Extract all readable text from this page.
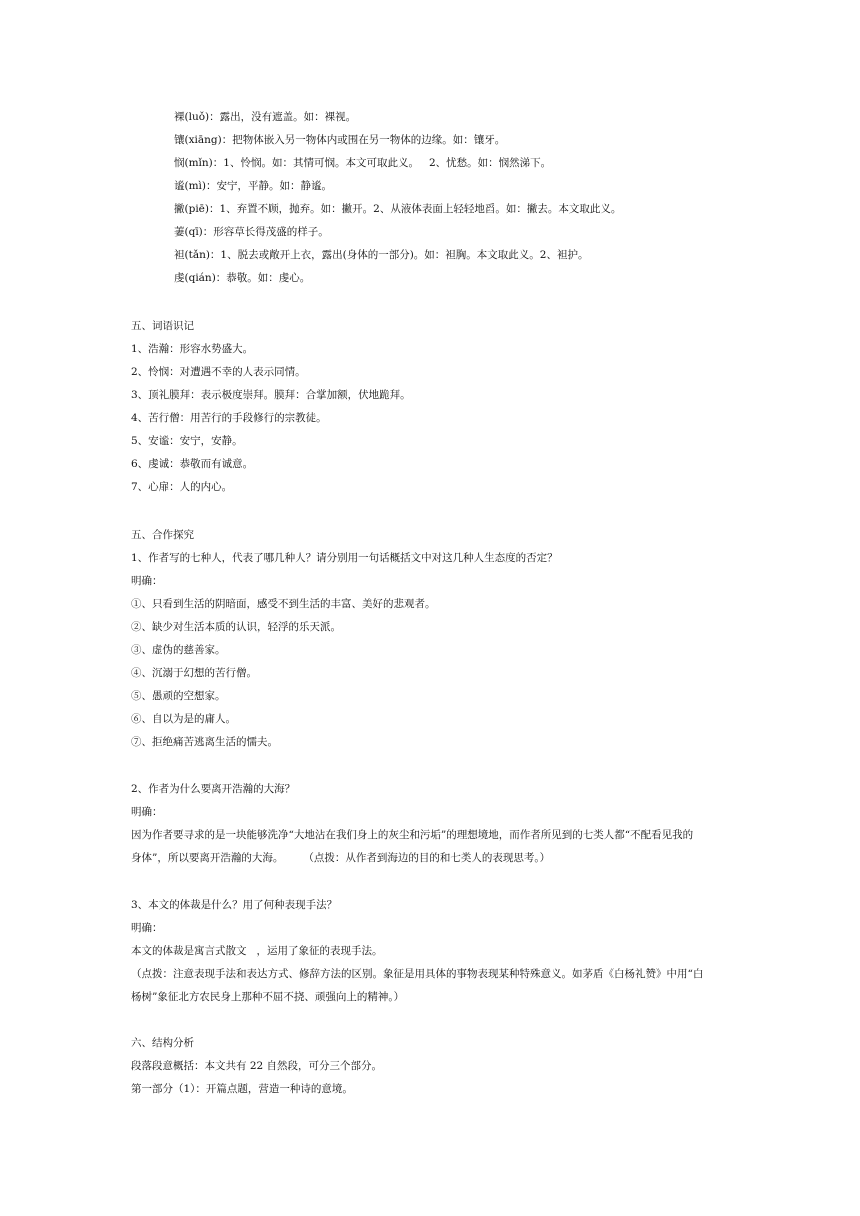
裸(luǒ)：露出，没有遮盖。如：裸视。
镶(xiāng)：把物体嵌入另一物体内或围在另一物体的边缘。如：镶牙。
悯(mǐn)：1、怜悯。如：其情可悯。本文可取此义。   2、忧愁。如：悯然涕下。
谧(mì)：安宁，平静。如：静谧。
撇(piē)：1、弃置不顾，抛弃。如：撇开。2、从液体表面上轻轻地舀。如：撇去。本文取此义。
萋(qī)：形容草长得茂盛的样子。
袒(tǎn)：1、脱去或敞开上衣，露出(身体的一部分)。如：袒胸。本文取此义。2、袒护。
虔(qián)：恭敬。如：虔心。
五、词语识记
1、浩瀚：形容水势盛大。
2、怜悯：对遭遇不幸的人表示同情。
3、顶礼膜拜：表示极度崇拜。膜拜：合掌加额，伏地跪拜。
4、苦行僧：用苦行的手段修行的宗教徒。
5、安谧：安宁，安静。
6、虔诚：恭敬而有诚意。
7、心扉：人的内心。
五、合作探究
1、作者写的七种人，代表了哪几种人？请分别用一句话概括文中对这几种人生态度的否定？
明确：
①、只看到生活的阴暗面，感受不到生活的丰富、美好的悲观者。
②、缺少对生活本质的认识，轻浮的乐天派。
③、虚伪的慈善家。
④、沉溺于幻想的苦行僧。
⑤、愚顽的空想家。
⑥、自以为是的庸人。
⑦、拒绝痛苦逃离生活的懦夫。
2、作者为什么要离开浩瀚的大海？
明确：
因为作者要寻求的是一块能够洗净“大地沾在我们身上的灰尘和污垢”的理想境地，而作者所见到的七类人都“不配看见我的
身体”，所以要离开浩瀚的大海。      （点拨：从作者到海边的目的和七类人的表现思考。）
3、本文的体裁是什么？用了何种表现手法？
明确：
本文的体裁是寓言式散文   ，运用了象征的表现手法。
（点拨：注意表现手法和表达方式、修辞方法的区别。象征是用具体的事物表现某种特殊意义。如茅盾《白杨礼赞》中用“白
杨树”象征北方农民身上那种不屈不挠、顽强向上的精神。）
六、结构分析
段落段意概括：本文共有 22 自然段，可分三个部分。
第一部分（1）：开篇点题，营造一种诗的意境。
